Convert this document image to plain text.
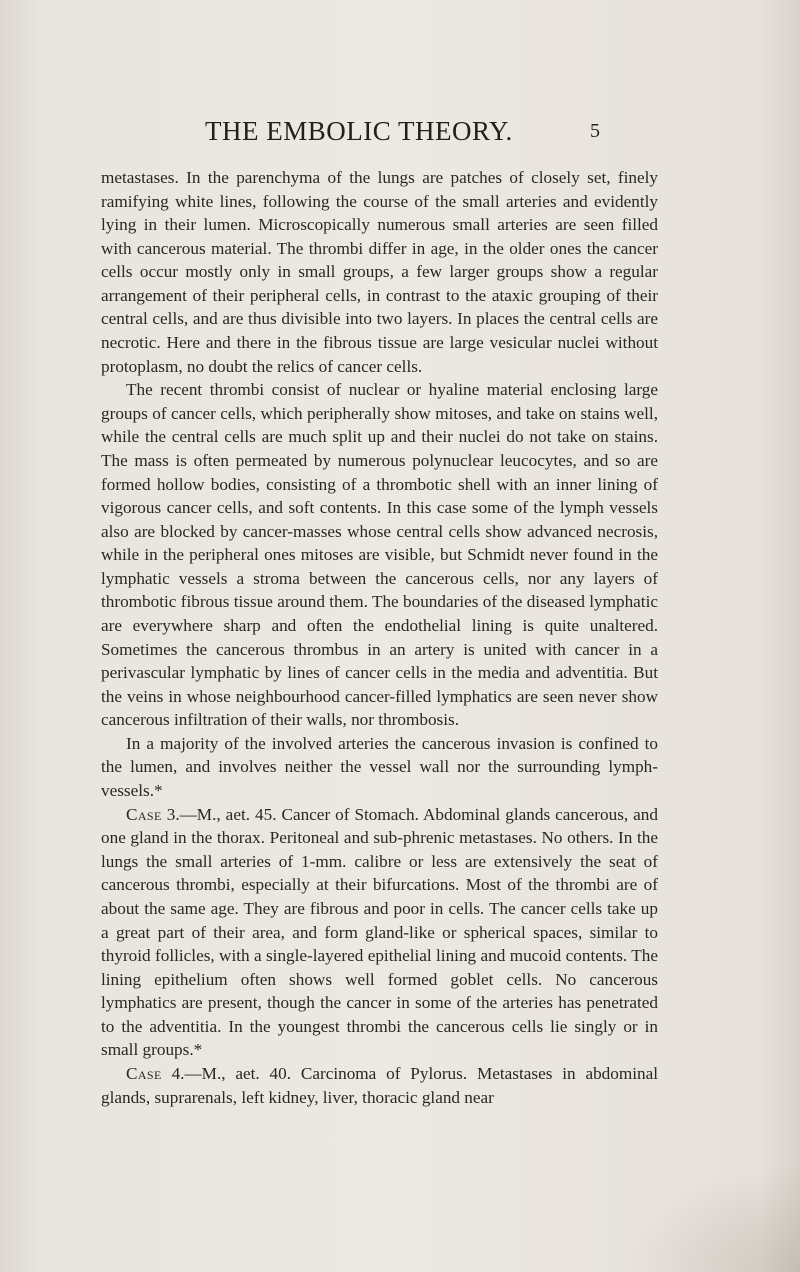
THE EMBOLIC THEORY.	5

metastases. In the parenchyma of the lungs are patches of closely set, finely ramifying white lines, following the course of the small arteries and evidently lying in their lumen. Microscopically numerous small arteries are seen filled with cancerous material. The thrombi differ in age, in the older ones the cancer cells occur mostly only in small groups, a few larger groups show a regular arrangement of their peripheral cells, in contrast to the ataxic grouping of their central cells, and are thus divisible into two layers. In places the central cells are necrotic. Here and there in the fibrous tissue are large vesicular nuclei without protoplasm, no doubt the relics of cancer cells.

The recent thrombi consist of nuclear or hyaline material enclosing large groups of cancer cells, which peripherally show mitoses, and take on stains well, while the central cells are much split up and their nuclei do not take on stains. The mass is often permeated by numerous polynuclear leucocytes, and so are formed hollow bodies, consisting of a thrombotic shell with an inner lining of vigorous cancer cells, and soft contents. In this case some of the lymph vessels also are blocked by cancer-masses whose central cells show advanced necrosis, while in the peripheral ones mitoses are visible, but Schmidt never found in the lymphatic vessels a stroma between the cancerous cells, nor any layers of thrombotic fibrous tissue around them. The boundaries of the diseased lymphatic are everywhere sharp and often the endothelial lining is quite unaltered. Sometimes the cancerous thrombus in an artery is united with cancer in a perivascular lymphatic by lines of cancer cells in the media and adventitia. But the veins in whose neighbourhood cancer-filled lymphatics are seen never show cancerous infiltration of their walls, nor thrombosis.

In a majority of the involved arteries the cancerous invasion is confined to the lumen, and involves neither the vessel wall nor the surrounding lymph-vessels.*

Case 3.—M., aet. 45. Cancer of Stomach. Abdominal glands cancerous, and one gland in the thorax. Peritoneal and sub-phrenic metastases. No others. In the lungs the small arteries of 1-mm. calibre or less are extensively the seat of cancerous thrombi, especially at their bifurcations. Most of the thrombi are of about the same age. They are fibrous and poor in cells. The cancer cells take up a great part of their area, and form gland-like or spherical spaces, similar to thyroid follicles, with a single-layered epithelial lining and mucoid contents. The lining epithelium often shows well formed goblet cells. No cancerous lymphatics are present, though the cancer in some of the arteries has penetrated to the adventitia. In the youngest thrombi the cancerous cells lie singly or in small groups.*

Case 4.—M., aet. 40. Carcinoma of Pylorus. Metastases in abdominal glands, suprarenals, left kidney, liver, thoracic gland near
